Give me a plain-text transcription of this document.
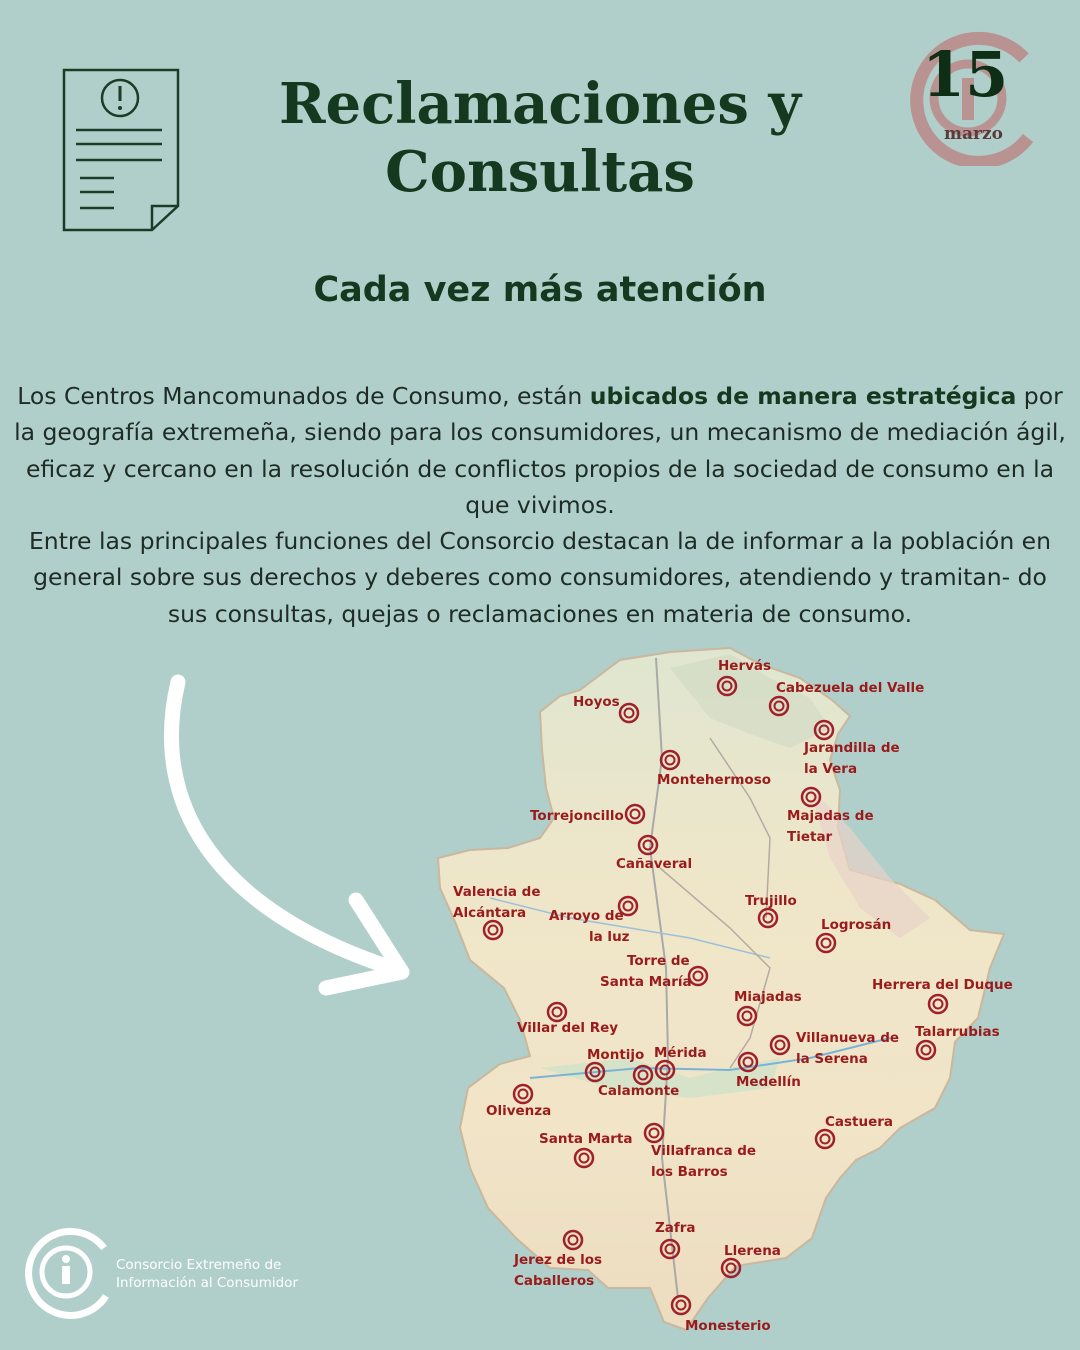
Reclamaciones y
Consultas
15
marzo
Cada vez más atención

Los Centros Mancomunados de Consumo, están ubicados de manera estratégica por la geografía extremeña, siendo para los consumidores, un mecanismo de mediación ágil, eficaz y cercano en la resolución de conflictos propios de la sociedad de consumo en la que vivimos.
Entre las principales funciones del Consorcio destacan la de informar a la población en general sobre sus derechos y deberes como consumidores, atendiendo y tramitan- do sus consultas, quejas o reclamaciones en materia de consumo.

Hervás
Cabezuela del Valle
Hoyos
Jarandilla de
la Vera
Montehermoso
Torrejoncillo	Majadas de
Tietar
Cañaveral
Valencia de
Alcántara
Trujillo
Arroyo de
la luz
Logrosán
Torre de
Santa María	Herrera del Duque
Miajadas
Villar del Rey	Talarrubias
Villanueva de
la Serena
Montijo Mérida
Medellín
Calamonte
Olivenza
Castuera
Santa Marta
Villafranca de
los Barros
Zafra
Llerena
Jerez de los
Caballeros
Monesterio
Consorcio Extremeño de
Información al Consumidor
